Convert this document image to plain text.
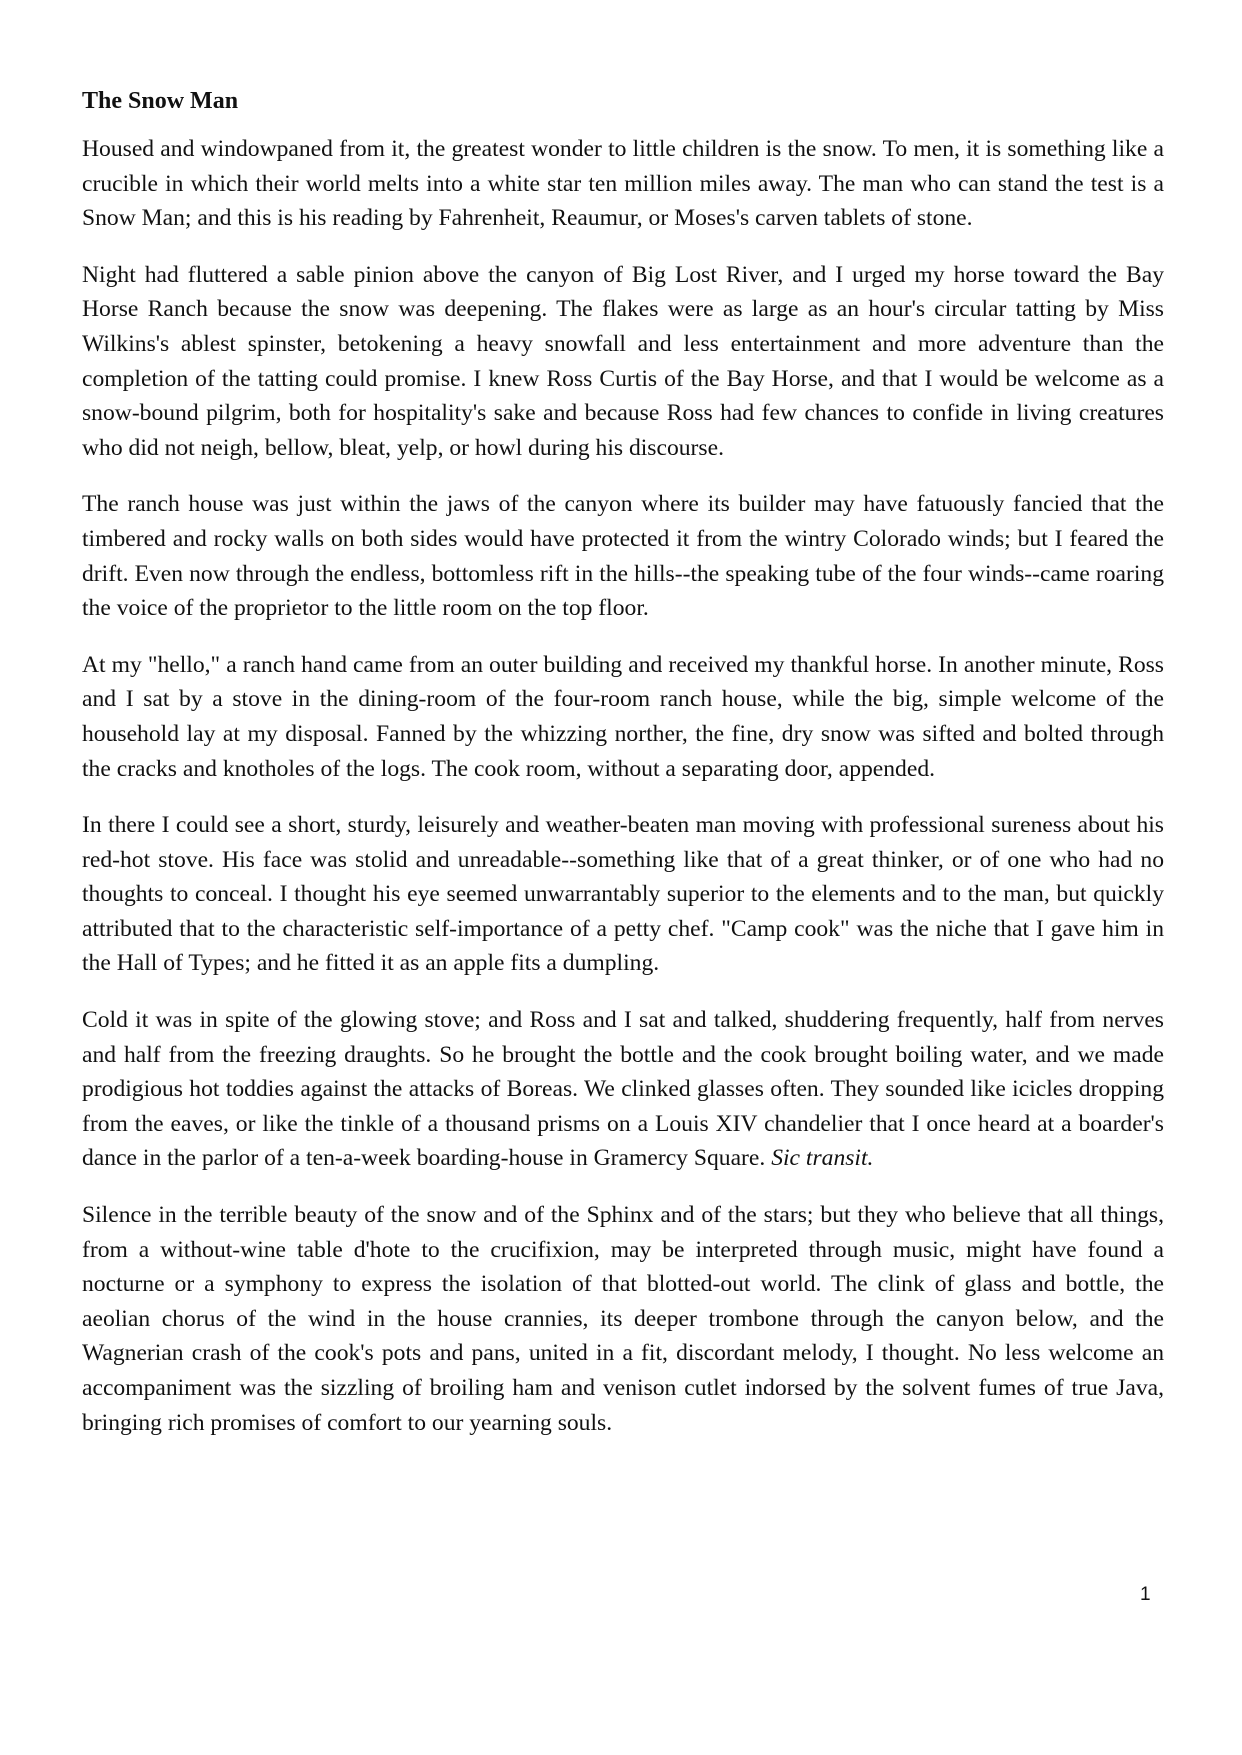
The Snow Man

Housed and windowpaned from it, the greatest wonder to little children is the snow. To men, it is something like a crucible in which their world melts into a white star ten million miles away. The man who can stand the test is a Snow Man; and this is his reading by Fahrenheit, Reaumur, or Moses's carven tablets of stone.

Night had fluttered a sable pinion above the canyon of Big Lost River, and I urged my horse toward the Bay Horse Ranch because the snow was deepening. The flakes were as large as an hour's circular tatting by Miss Wilkins's ablest spinster, betokening a heavy snowfall and less entertainment and more adventure than the completion of the tatting could promise. I knew Ross Curtis of the Bay Horse, and that I would be welcome as a snow-bound pilgrim, both for hospitality's sake and because Ross had few chances to confide in living creatures who did not neigh, bellow, bleat, yelp, or howl during his discourse.

The ranch house was just within the jaws of the canyon where its builder may have fatuously fancied that the timbered and rocky walls on both sides would have protected it from the wintry Colorado winds; but I feared the drift. Even now through the endless, bottomless rift in the hills--the speaking tube of the four winds--came roaring the voice of the proprietor to the little room on the top floor.

At my "hello," a ranch hand came from an outer building and received my thankful horse. In another minute, Ross and I sat by a stove in the dining-room of the four-room ranch house, while the big, simple welcome of the household lay at my disposal. Fanned by the whizzing norther, the fine, dry snow was sifted and bolted through the cracks and knotholes of the logs. The cook room, without a separating door, appended.

In there I could see a short, sturdy, leisurely and weather-beaten man moving with professional sureness about his red-hot stove. His face was stolid and unreadable--something like that of a great thinker, or of one who had no thoughts to conceal. I thought his eye seemed unwarrantably superior to the elements and to the man, but quickly attributed that to the characteristic self-importance of a petty chef. "Camp cook" was the niche that I gave him in the Hall of Types; and he fitted it as an apple fits a dumpling.

Cold it was in spite of the glowing stove; and Ross and I sat and talked, shuddering frequently, half from nerves and half from the freezing draughts. So he brought the bottle and the cook brought boiling water, and we made prodigious hot toddies against the attacks of Boreas. We clinked glasses often. They sounded like icicles dropping from the eaves, or like the tinkle of a thousand prisms on a Louis XIV chandelier that I once heard at a boarder's dance in the parlor of a ten-a-week boarding-house in Gramercy Square. Sic transit.

Silence in the terrible beauty of the snow and of the Sphinx and of the stars; but they who believe that all things, from a without-wine table d'hote to the crucifixion, may be interpreted through music, might have found a nocturne or a symphony to express the isolation of that blotted-out world. The clink of glass and bottle, the aeolian chorus of the wind in the house crannies, its deeper trombone through the canyon below, and the Wagnerian crash of the cook's pots and pans, united in a fit, discordant melody, I thought. No less welcome an accompaniment was the sizzling of broiling ham and venison cutlet indorsed by the solvent fumes of true Java, bringing rich promises of comfort to our yearning souls.

1
